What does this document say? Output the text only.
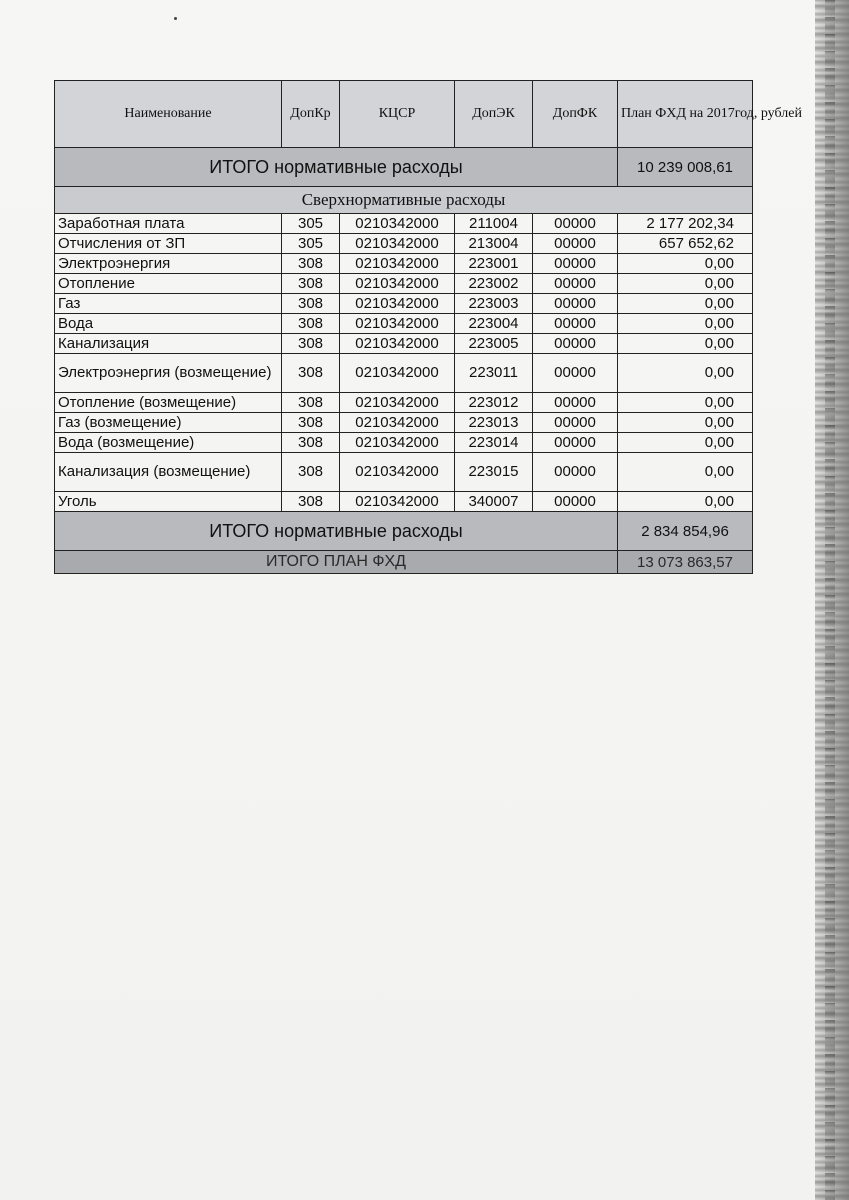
Наименование	ДопКр	КЦСР	ДопЭК	ДопФК	План ФХД на 2017год, рублей
ИТОГО нормативные расходы					10 239 008,61
Сверхнормативные расходы					
Заработная плата	305	0210342000	211004	00000	2 177 202,34
Отчисления от ЗП	305	0210342000	213004	00000	657 652,62
Электроэнергия	308	0210342000	223001	00000	0,00
Отопление	308	0210342000	223002	00000	0,00
Газ	308	0210342000	223003	00000	0,00
Вода	308	0210342000	223004	00000	0,00
Канализация	308	0210342000	223005	00000	0,00
Электроэнергия (возмещение)	308	0210342000	223011	00000	0,00
Отопление (возмещение)	308	0210342000	223012	00000	0,00
Газ (возмещение)	308	0210342000	223013	00000	0,00
Вода (возмещение)	308	0210342000	223014	00000	0,00
Канализация (возмещение)	308	0210342000	223015	00000	0,00
Уголь	308	0210342000	340007	00000	0,00
ИТОГО нормативные расходы					2 834 854,96
ИТОГО ПЛАН ФХД					13 073 863,57
